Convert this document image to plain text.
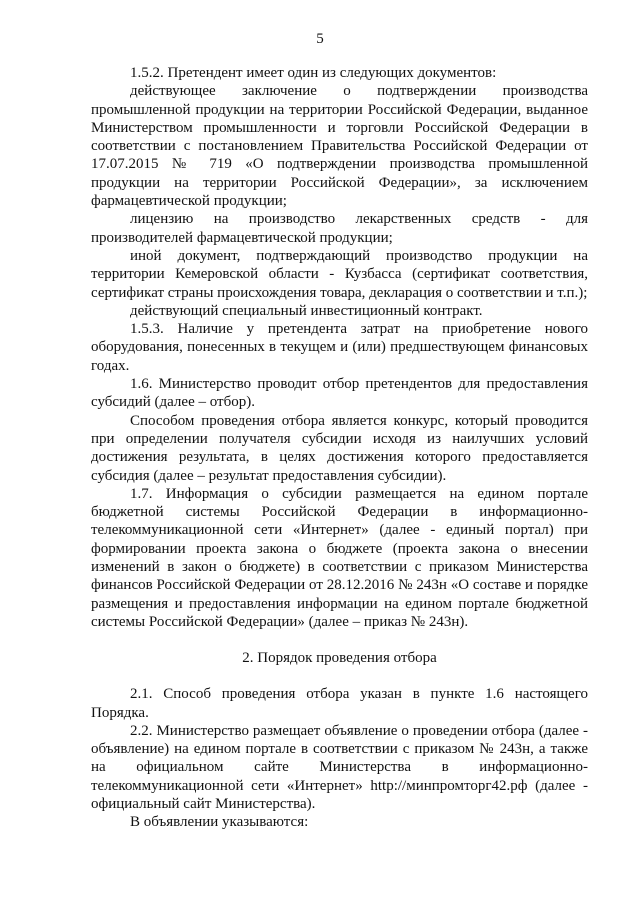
5

1.5.2. Претендент имеет один из следующих документов:

действующее заключение о подтверждении производства промышленной продукции на территории Российской Федерации, выданное Министерством промышленности и торговли Российской Федерации в соответствии с постановлением Правительства Российской Федерации от 17.07.2015 № 719 «О подтверждении производства промышленной продукции на территории Российской Федерации», за исключением фармацевтической продукции;

лицензию на производство лекарственных средств - для производителей фармацевтической продукции;

иной документ, подтверждающий производство продукции на территории Кемеровской области - Кузбасса (сертификат соответствия, сертификат страны происхождения товара, декларация о соответствии и т.п.);

действующий специальный инвестиционный контракт.

1.5.3. Наличие у претендента затрат на приобретение нового оборудования, понесенных в текущем и (или) предшествующем финансовых годах.

1.6. Министерство проводит отбор претендентов для предоставления субсидий (далее – отбор).

Способом проведения отбора является конкурс, который проводится при определении получателя субсидии исходя из наилучших условий достижения результата, в целях достижения которого предоставляется субсидия (далее – результат предоставления субсидии).

1.7. Информация о субсидии размещается на едином портале бюджетной системы Российской Федерации в информационно-телекоммуникационной сети «Интернет» (далее - единый портал) при формировании проекта закона о бюджете (проекта закона о внесении изменений в закон о бюджете) в соответствии с приказом Министерства финансов Российской Федерации от 28.12.2016 № 243н «О составе и порядке размещения и предоставления информации на едином портале бюджетной системы Российской Федерации» (далее – приказ № 243н).

2. Порядок проведения отбора

2.1. Способ проведения отбора указан в пункте 1.6 настоящего Порядка.

2.2. Министерство размещает объявление о проведении отбора (далее - объявление) на едином портале в соответствии с приказом № 243н, а также на официальном сайте Министерства в информационно-телекоммуникационной сети «Интернет» http://минпромторг42.рф (далее - официальный сайт Министерства).

В объявлении указываются:
